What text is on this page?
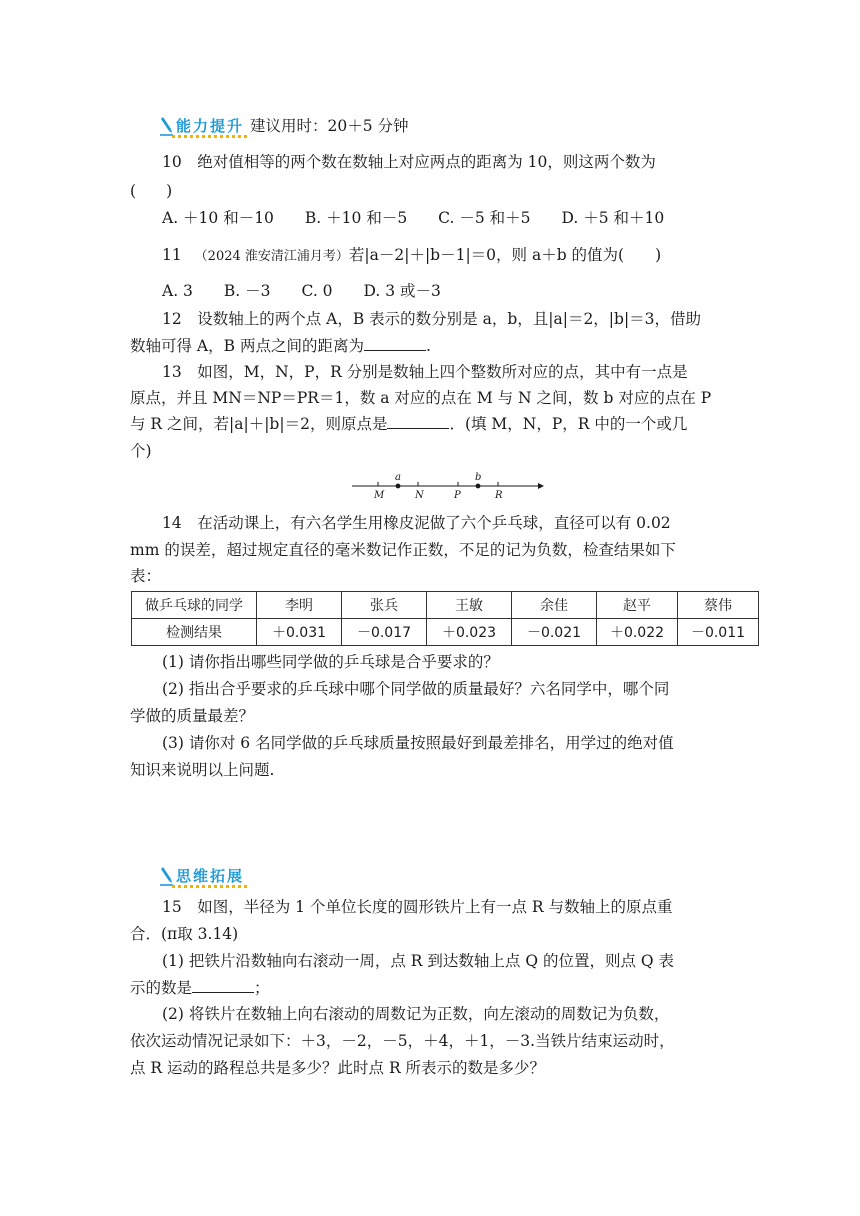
能力提升 建议用时：20＋5 分钟
10　绝对值相等的两个数在数轴上对应两点的距离为 10，则这两个数为
( )
A. ＋10 和－10　　B. ＋10 和－5　　C. －5 和＋5　　D. ＋5 和＋10
11 （2024 淮安清江浦月考）若|a－2|＋|b－1|＝0，则 a＋b 的值为(　　)
A. 3　　B. －3　　C. 0　　D. 3 或－3
12　设数轴上的两个点 A，B 表示的数分别是 a，b，且|a|＝2，|b|＝3，借助
数轴可得 A，B 两点之间的距离为	.
13　如图，M，N，P，R 分别是数轴上四个整数所对应的点，其中有一点是
原点，并且 MN＝NP＝PR＝1，数 a 对应的点在 M 与 N 之间，数 b 对应的点在 P
与 R 之间，若|a|＋|b|＝2，则原点是	．(填 M，N，P，R 中的一个或几
个)
a	b
M	N	P	R
14　在活动课上，有六名学生用橡皮泥做了六个乒乓球，直径可以有 0.02
mm 的误差，超过规定直径的毫米数记作正数，不足的记为负数，检查结果如下
表：
做乒乓球的同学	李明	张兵	王敏	余佳	赵平	蔡伟
检测结果	＋0.031	－0.017	＋0.023	－0.021	＋0.022	－0.011
(1) 请你指出哪些同学做的乒乓球是合乎要求的？
(2) 指出合乎要求的乒乓球中哪个同学做的质量最好？六名同学中，哪个同
学做的质量最差？
(3) 请你对 6 名同学做的乒乓球质量按照最好到最差排名，用学过的绝对值
知识来说明以上问题.
思维拓展
15　如图，半径为 1 个单位长度的圆形铁片上有一点 R 与数轴上的原点重
合．(π取 3.14)
(1) 把铁片沿数轴向右滚动一周，点 R 到达数轴上点 Q 的位置，则点 Q 表
示的数是	；
(2) 将铁片在数轴上向右滚动的周数记为正数，向左滚动的周数记为负数，
依次运动情况记录如下：＋3，－2，－5，＋4，＋1，－3.当铁片结束运动时，
点 R 运动的路程总共是多少？此时点 R 所表示的数是多少？
